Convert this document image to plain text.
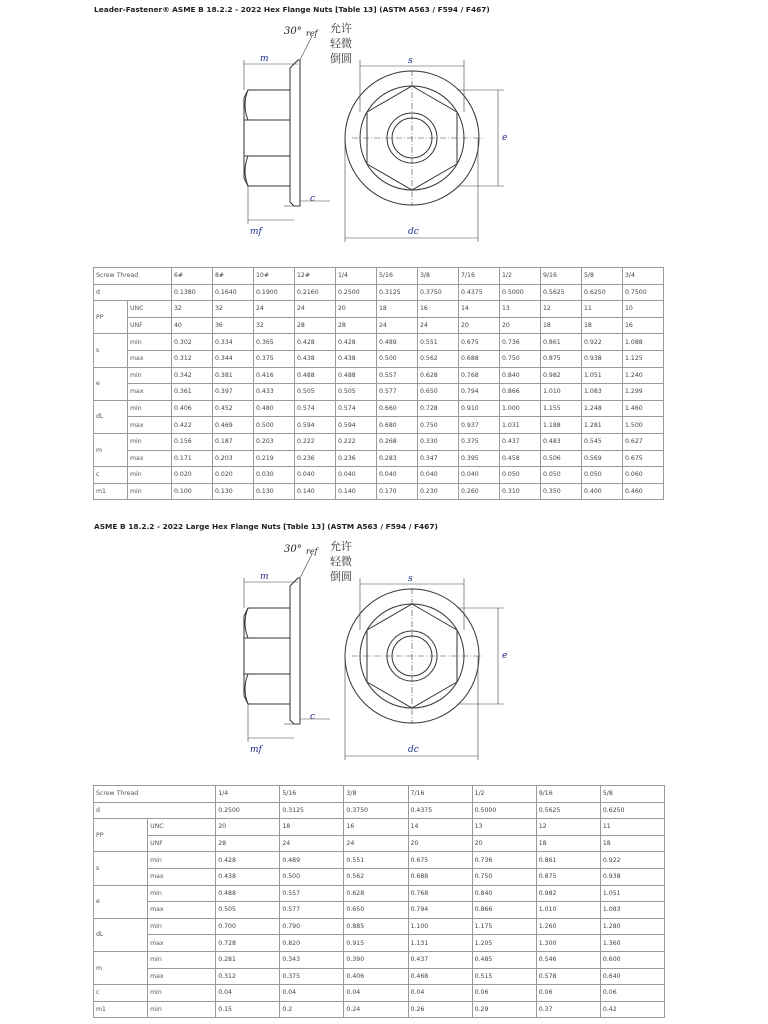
Leader-Fastener® ASME B 18.2.2 - 2022 Hex Flange Nuts [Table 13] (ASTM A563 / F594 / F467)
30° ref 允许
轻微
倒圆
m	s
e
c
mf	dc
Screw Thread		6#	8#	10#	12#	1/4	5/16	3/8	7/16	1/2	9/16	5/8	3/4
d		0.1380	0.1640	0.1900	0.2160	0.2500	0.3125	0.3750	0.4375	0.5000	0.5625	0.6250	0.7500
PP	UNC	32	32	24	24	20	18	16	14	13	12	11	10
	UNF	40	36	32	28	28	24	24	20	20	18	18	16
s	min	0.302	0.334	0.365	0.428	0.428	0.489	0.551	0.675	0.736	0.861	0.922	1.088
	max	0.312	0.344	0.375	0.438	0.438	0.500	0.562	0.688	0.750	0.875	0.938	1.125
e	min	0.342	0.381	0.416	0.488	0.488	0.557	0.628	0.768	0.840	0.982	1.051	1.240
	max	0.361	0.397	0.433	0.505	0.505	0.577	0.650	0.794	0.866	1.010	1.083	1.299
dL	min	0.406	0.452	0.480	0.574	0.574	0.660	0.728	0.910	1.000	1.155	1.248	1.460
	max	0.422	0.469	0.500	0.594	0.594	0.680	0.750	0.937	1.031	1.188	1.281	1.500
m	min	0.156	0.187	0.203	0.222	0.222	0.268	0.330	0.375	0.437	0.483	0.545	0.627
	max	0.171	0.203	0.219	0.236	0.236	0.283	0.347	0.395	0.458	0.506	0.569	0.675
c	min	0.020	0.020	0.030	0.040	0.040	0.040	0.040	0.040	0.050	0.050	0.050	0.060
m1	min	0.100	0.130	0.130	0.140	0.140	0.170	0.230	0.260	0.310	0.350	0.400	0.460
ASME B 18.2.2 - 2022 Large Hex Flange Nuts [Table 13] (ASTM A563 / F594 / F467)
30° ref 允许
轻微
倒圆
m	s
e
c
mf	dc
Screw Thread		1/4	5/16	3/8	7/16	1/2	9/16	5/8
d		0.2500	0.3125	0.3750	0.4375	0.5000	0.5625	0.6250
PP	UNC	20	18	16	14	13	12	11
	UNF	28	24	24	20	20	18	18
s	min	0.428	0.489	0.551	0.675	0.736	0.861	0.922
	max	0.438	0.500	0.562	0.688	0.750	0.875	0.938
e	min	0.488	0.557	0.628	0.768	0.840	0.982	1.051
	max	0.505	0.577	0.650	0.794	0.866	1.010	1.083
dL	min	0.700	0.790	0.885	1.100	1.175	1.260	1.280
	max	0.728	0.820	0.915	1.131	1.205	1.300	1.360
m	min	0.281	0.343	0.390	0.437	0.485	0.546	0.600
	max	0.312	0.375	0.406	0.468	0.515	0.578	0.640
c	min	0.04	0.04	0.04	0.04	0.06	0.06	0.06
m1	min	0.15	0.2	0.24	0.26	0.29	0.37	0.42
